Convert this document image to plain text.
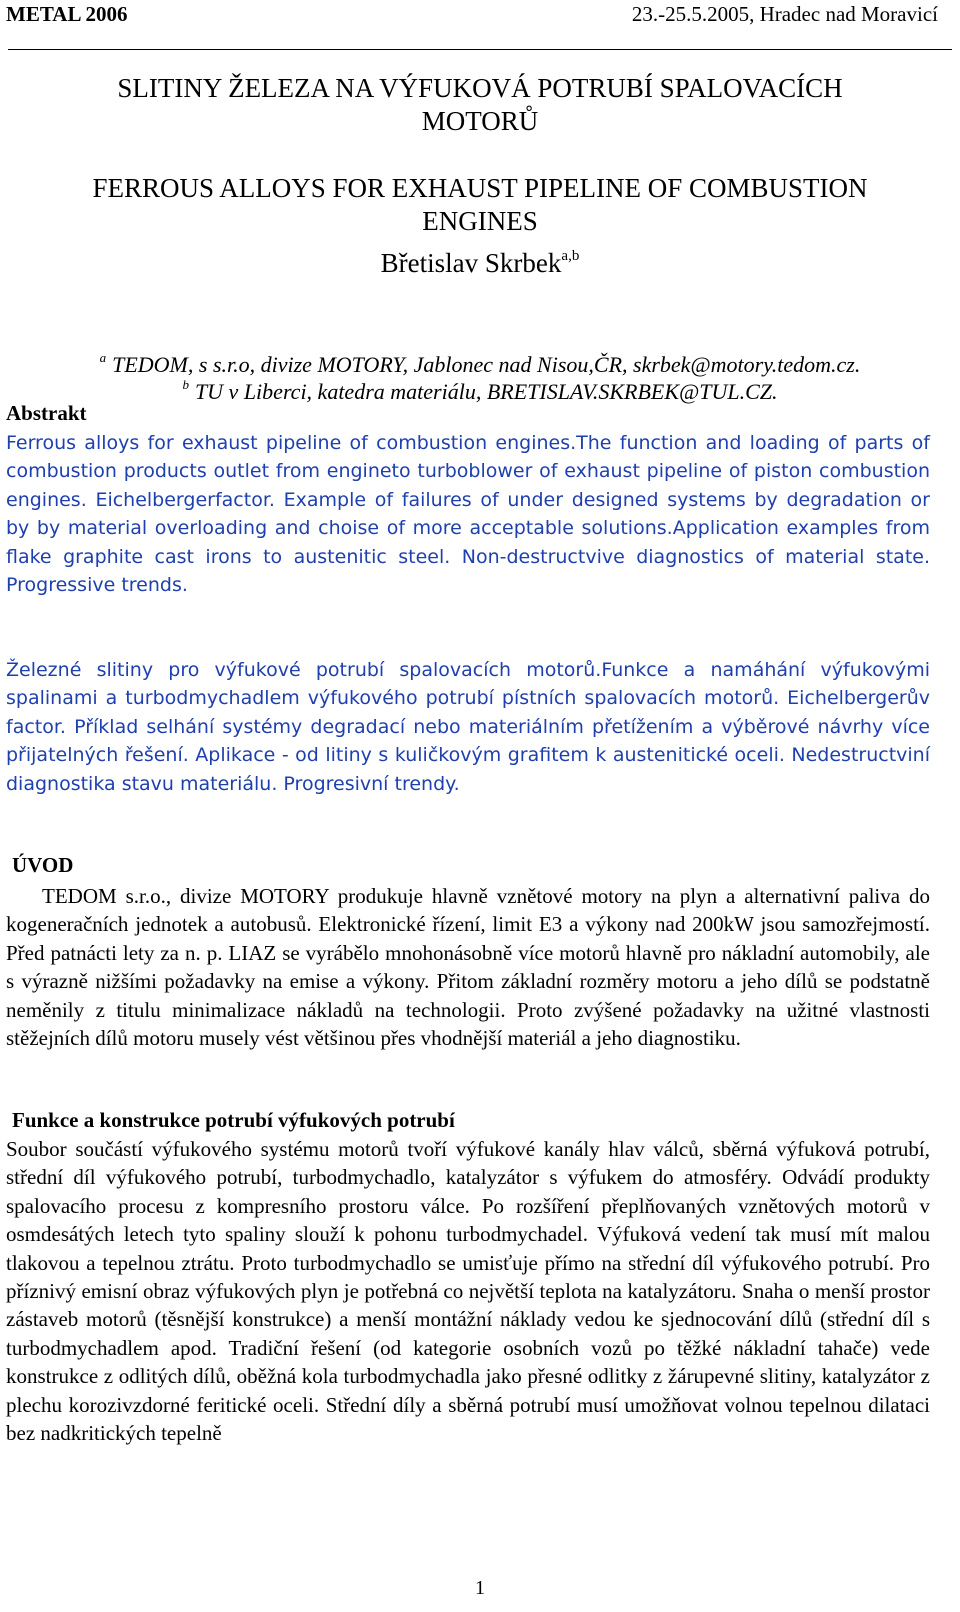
METAL 2006	23.-25.5.2005, Hradec nad Moravicí
SLITINY ŽELEZA NA VÝFUKOVÁ POTRUBÍ SPALOVACÍCH MOTORŮ
FERROUS ALLOYS FOR EXHAUST PIPELINE OF COMBUSTION ENGINES
Břetislav Skrbek$^{a,b}$
$^a$ TEDOM, s s.r.o, divize MOTORY, Jablonec nad Nisou,ČR, skrbek@motory.tedom.cz.
$^b$ TU v Liberci, katedra materiálu, BRETISLAV.SKRBEK@TUL.CZ.
Abstrakt
Ferrous alloys for exhaust pipeline of combustion engines.The function and loading of parts of combustion products outlet from engineto turboblower of exhaust pipeline of piston combustion engines. Eichelbergerfactor. Example of failures of under designed systems by degradation or by by material overloading and choise of more acceptable solutions.Application examples from flake graphite cast irons to austenitic steel. Non-destructvive diagnostics of material state. Progressive trends.
Železné slitiny pro výfukové potrubí spalovacích motorů.Funkce a namáhání výfukovými spalinami a turbodmychadlem výfukového potrubí pístních spalovacích motorů. Eichelbergerův factor. Příklad selhání systémy degradací nebo materiálním přetížením a výběrové návrhy více přijatelných řešení. Aplikace - od litiny s kuličkovým grafitem k austenitické oceli. Nedestructviní diagnostika stavu materiálu. Progresivní trendy.
ÚVOD
TEDOM s.r.o., divize MOTORY produkuje hlavně vznětové motory na plyn a alternativní paliva do kogeneračních jednotek a autobusů. Elektronické řízení, limit E3 a výkony nad 200kW jsou samozřejmostí. Před patnácti lety za n. p. LIAZ se vyrábělo mnohonásobně více motorů hlavně pro nákladní automobily, ale s výrazně nižšími požadavky na emise a výkony. Přitom základní rozměry motoru a jeho dílů se podstatně neměnily z titulu minimalizace nákladů na technologii. Proto zvýšené požadavky na užitné vlastnosti stěžejních dílů motoru musely vést většinou přes vhodnější materiál a jeho diagnostiku.
Funkce a konstrukce potrubí výfukových potrubí
Soubor součástí výfukového systému motorů tvoří výfukové kanály hlav válců, sběrná výfuková potrubí, střední díl výfukového potrubí, turbodmychadlo, katalyzátor s výfukem do atmosféry. Odvádí produkty spalovacího procesu z kompresního prostoru válce. Po rozšíření přeplňovaných vznětových motorů v osmdesátých letech tyto spaliny slouží k pohonu turbodmychadel. Výfuková vedení tak musí mít malou tlakovou a tepelnou ztrátu. Proto turbodmychadlo se umisťuje přímo na střední díl výfukového potrubí. Pro příznivý emisní obraz výfukových plyn je potřebná co největší teplota na katalyzátoru. Snaha o menší prostor zástaveb motorů (těsnější konstrukce) a menší montážní náklady vedou ke sjednocování dílů (střední díl s turbodmychadlem apod. Tradiční řešení (od kategorie osobních vozů po těžké nákladní tahače) vede konstrukce z odlitých dílů, oběžná kola turbodmychadla jako přesné odlitky z žárupevné slitiny, katalyzátor z plechu korozivzdorné feritické oceli. Střední díly a sběrná potrubí musí umožňovat volnou tepelnou dilataci bez nadkritických tepelně
1
